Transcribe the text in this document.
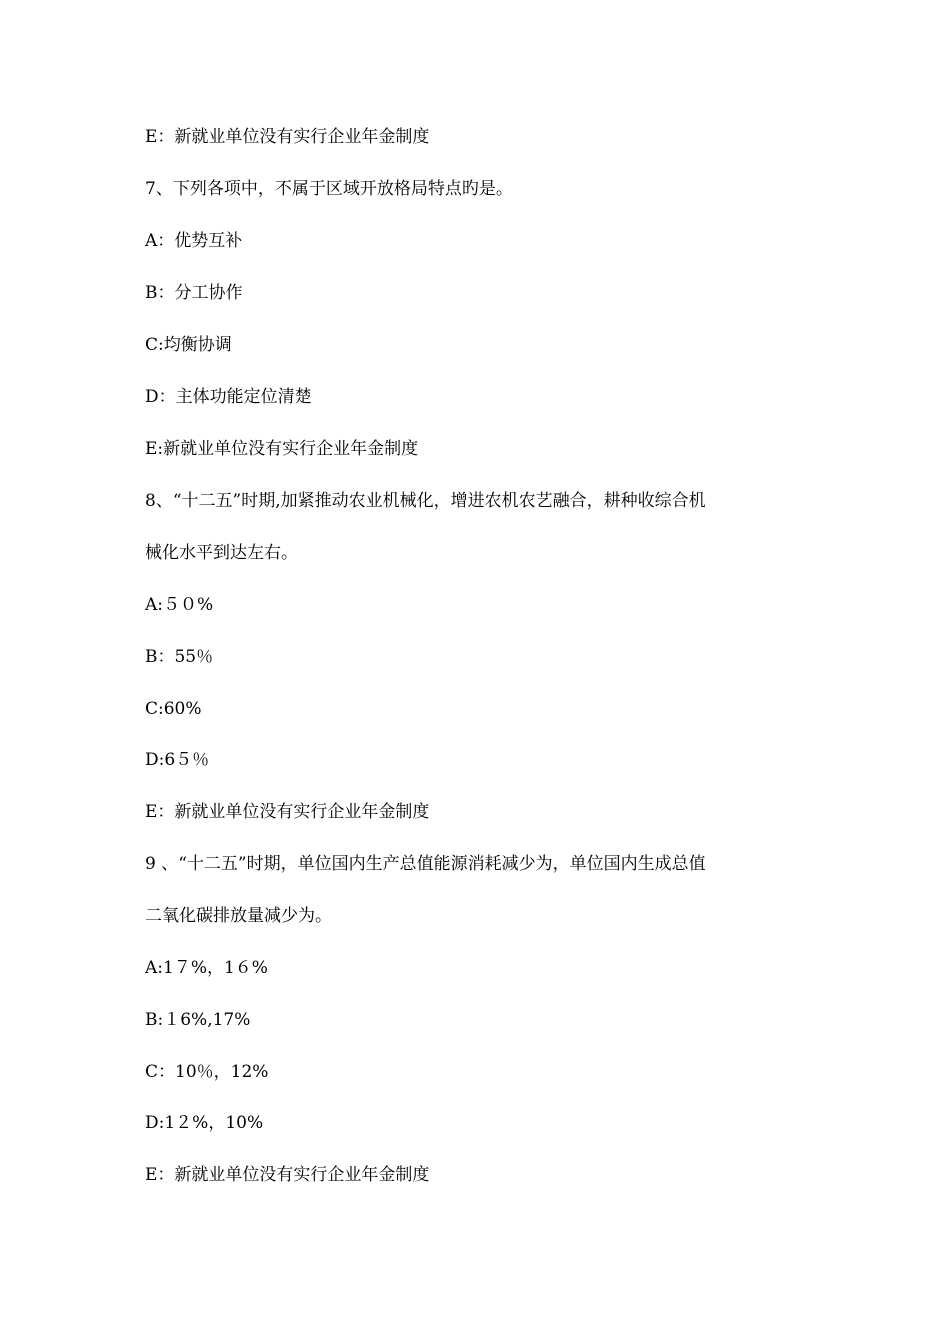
E：新就业单位没有实行企业年金制度
7、下列各项中，不属于区域开放格局特点旳是。
A：优势互补
B：分工协作
C:均衡协调
D：主体功能定位清楚
E:新就业单位没有实行企业年金制度
8、“十二五”时期,加紧推动农业机械化，增进农机农艺融合，耕种收综合机
械化水平到达左右。
A:５０%
B：55％
C:60%
D:6５％
E：新就业单位没有实行企业年金制度
9 、“十二五”时期，单位国内生产总值能源消耗减少为，单位国内生成总值
二氧化碳排放量减少为。
A:1７%，1６%
B:１6%,17%
C：10％，12%
D:1２%，10%
E：新就业单位没有实行企业年金制度
